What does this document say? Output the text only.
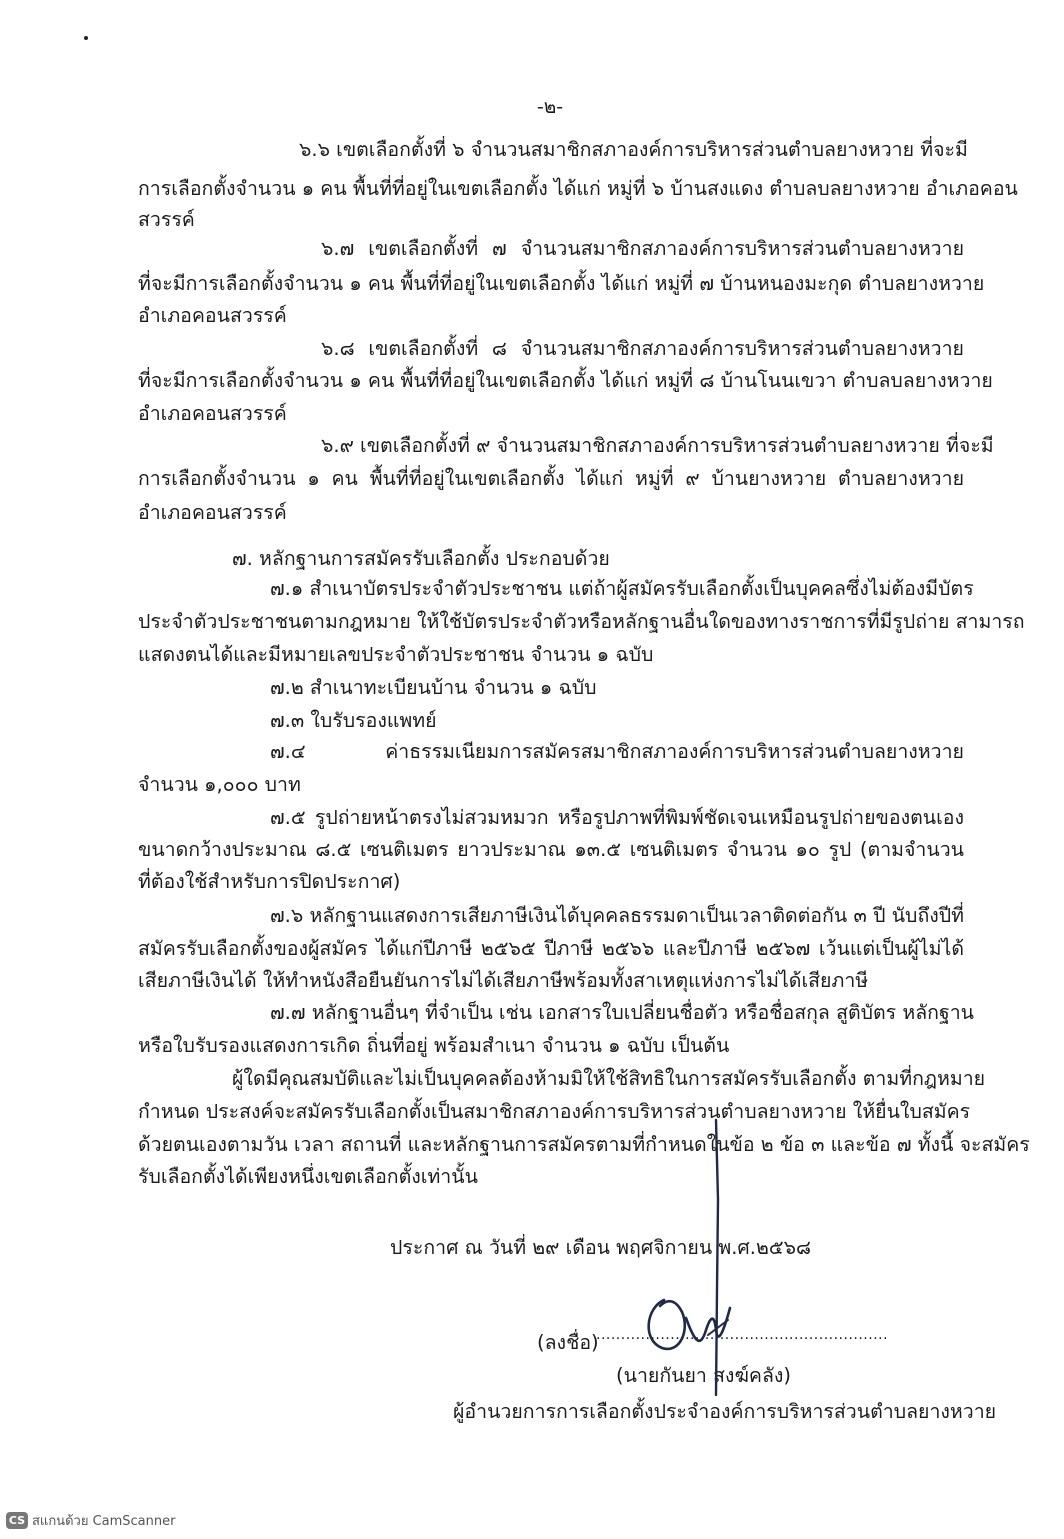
-๒-
๖.๖ เขตเลือกตั้งที่ ๖ จำนวนสมาชิกสภาองค์การบริหารส่วนตำบลยางหวาย ที่จะมี
การเลือกตั้งจำนวน ๑ คน พื้นที่ที่อยู่ในเขตเลือกตั้ง ได้แก่ หมู่ที่ ๖ บ้านสงแดง ตำบลบลยางหวาย อำเภอคอน
สวรรค์
๖.๗ เขตเลือกตั้งที่ ๗ จำนวนสมาชิกสภาองค์การบริหารส่วนตำบลยางหวาย
ที่จะมีการเลือกตั้งจำนวน ๑ คน พื้นที่ที่อยู่ในเขตเลือกตั้ง ได้แก่ หมู่ที่ ๗ บ้านหนองมะกุด ตำบลยางหวาย
อำเภอคอนสวรรค์
๖.๘ เขตเลือกตั้งที่ ๘ จำนวนสมาชิกสภาองค์การบริหารส่วนตำบลยางหวาย
ที่จะมีการเลือกตั้งจำนวน ๑ คน พื้นที่ที่อยู่ในเขตเลือกตั้ง ได้แก่ หมู่ที่ ๘ บ้านโนนเขวา ตำบลบลยางหวาย
อำเภอคอนสวรรค์
๖.๙ เขตเลือกตั้งที่ ๙ จำนวนสมาชิกสภาองค์การบริหารส่วนตำบลยางหวาย ที่จะมี
การเลือกตั้งจำนวน ๑ คน พื้นที่ที่อยู่ในเขตเลือกตั้ง ได้แก่ หมู่ที่ ๙ บ้านยางหวาย ตำบลยางหวาย
อำเภอคอนสวรรค์
๗. หลักฐานการสมัครรับเลือกตั้ง ประกอบด้วย
๗.๑ สำเนาบัตรประจำตัวประชาชน แต่ถ้าผู้สมัครรับเลือกตั้งเป็นบุคคลซึ่งไม่ต้องมีบัตร
ประจำตัวประชาชนตามกฎหมาย ให้ใช้บัตรประจำตัวหรือหลักฐานอื่นใดของทางราชการที่มีรูปถ่าย สามารถ
แสดงตนได้และมีหมายเลขประจำตัวประชาชน จำนวน ๑ ฉบับ
๗.๒ สำเนาทะเบียนบ้าน จำนวน ๑ ฉบับ
๗.๓ ใบรับรองแพทย์
๗.๔ ค่าธรรมเนียมการสมัครสมาชิกสภาองค์การบริหารส่วนตำบลยางหวาย
จำนวน ๑,๐๐๐ บาท
๗.๕ รูปถ่ายหน้าตรงไม่สวมหมวก หรือรูปภาพที่พิมพ์ชัดเจนเหมือนรูปถ่ายของตนเอง
ขนาดกว้างประมาณ ๘.๕ เซนติเมตร ยาวประมาณ ๑๓.๕ เซนติเมตร จำนวน ๑๐ รูป (ตามจำนวน
ที่ต้องใช้สำหรับการปิดประกาศ)
๗.๖ หลักฐานแสดงการเสียภาษีเงินได้บุคคลธรรมดาเป็นเวลาติดต่อกัน ๓ ปี นับถึงปีที่
สมัครรับเลือกตั้งของผู้สมัคร ได้แก่ปีภาษี ๒๕๖๕ ปีภาษี ๒๕๖๖ และปีภาษี ๒๕๖๗ เว้นแต่เป็นผู้ไม่ได้
เสียภาษีเงินได้ ให้ทำหนังสือยืนยันการไม่ได้เสียภาษีพร้อมทั้งสาเหตุแห่งการไม่ได้เสียภาษี
๗.๗ หลักฐานอื่นๆ ที่จำเป็น เช่น เอกสารใบเปลี่ยนชื่อตัว หรือชื่อสกุล สูติบัตร หลักฐาน
หรือใบรับรองแสดงการเกิด ถิ่นที่อยู่ พร้อมสำเนา จำนวน ๑ ฉบับ เป็นต้น
ผู้ใดมีคุณสมบัติและไม่เป็นบุคคลต้องห้ามมิให้ใช้สิทธิในการสมัครรับเลือกตั้ง ตามที่กฎหมาย
กำหนด ประสงค์จะสมัครรับเลือกตั้งเป็นสมาชิกสภาองค์การบริหารส่วนตำบลยางหวาย ให้ยื่นใบสมัคร
ด้วยตนเองตามวัน เวลา สถานที่ และหลักฐานการสมัครตามที่กำหนดในข้อ ๒ ข้อ ๓ และข้อ ๗ ทั้งนี้ จะสมัคร
รับเลือกตั้งได้เพียงหนึ่งเขตเลือกตั้งเท่านั้น
ประกาศ ณ วันที่ ๒๙ เดือน พฤศจิกายน พ.ศ.๒๕๖๘
(ลงชื่อ)
...........................................................
(นายกันยา สงฆ์คลัง)
ผู้อำนวยการการเลือกตั้งประจำองค์การบริหารส่วนตำบลยางหวาย
CS สแกนด้วย CamScanner
